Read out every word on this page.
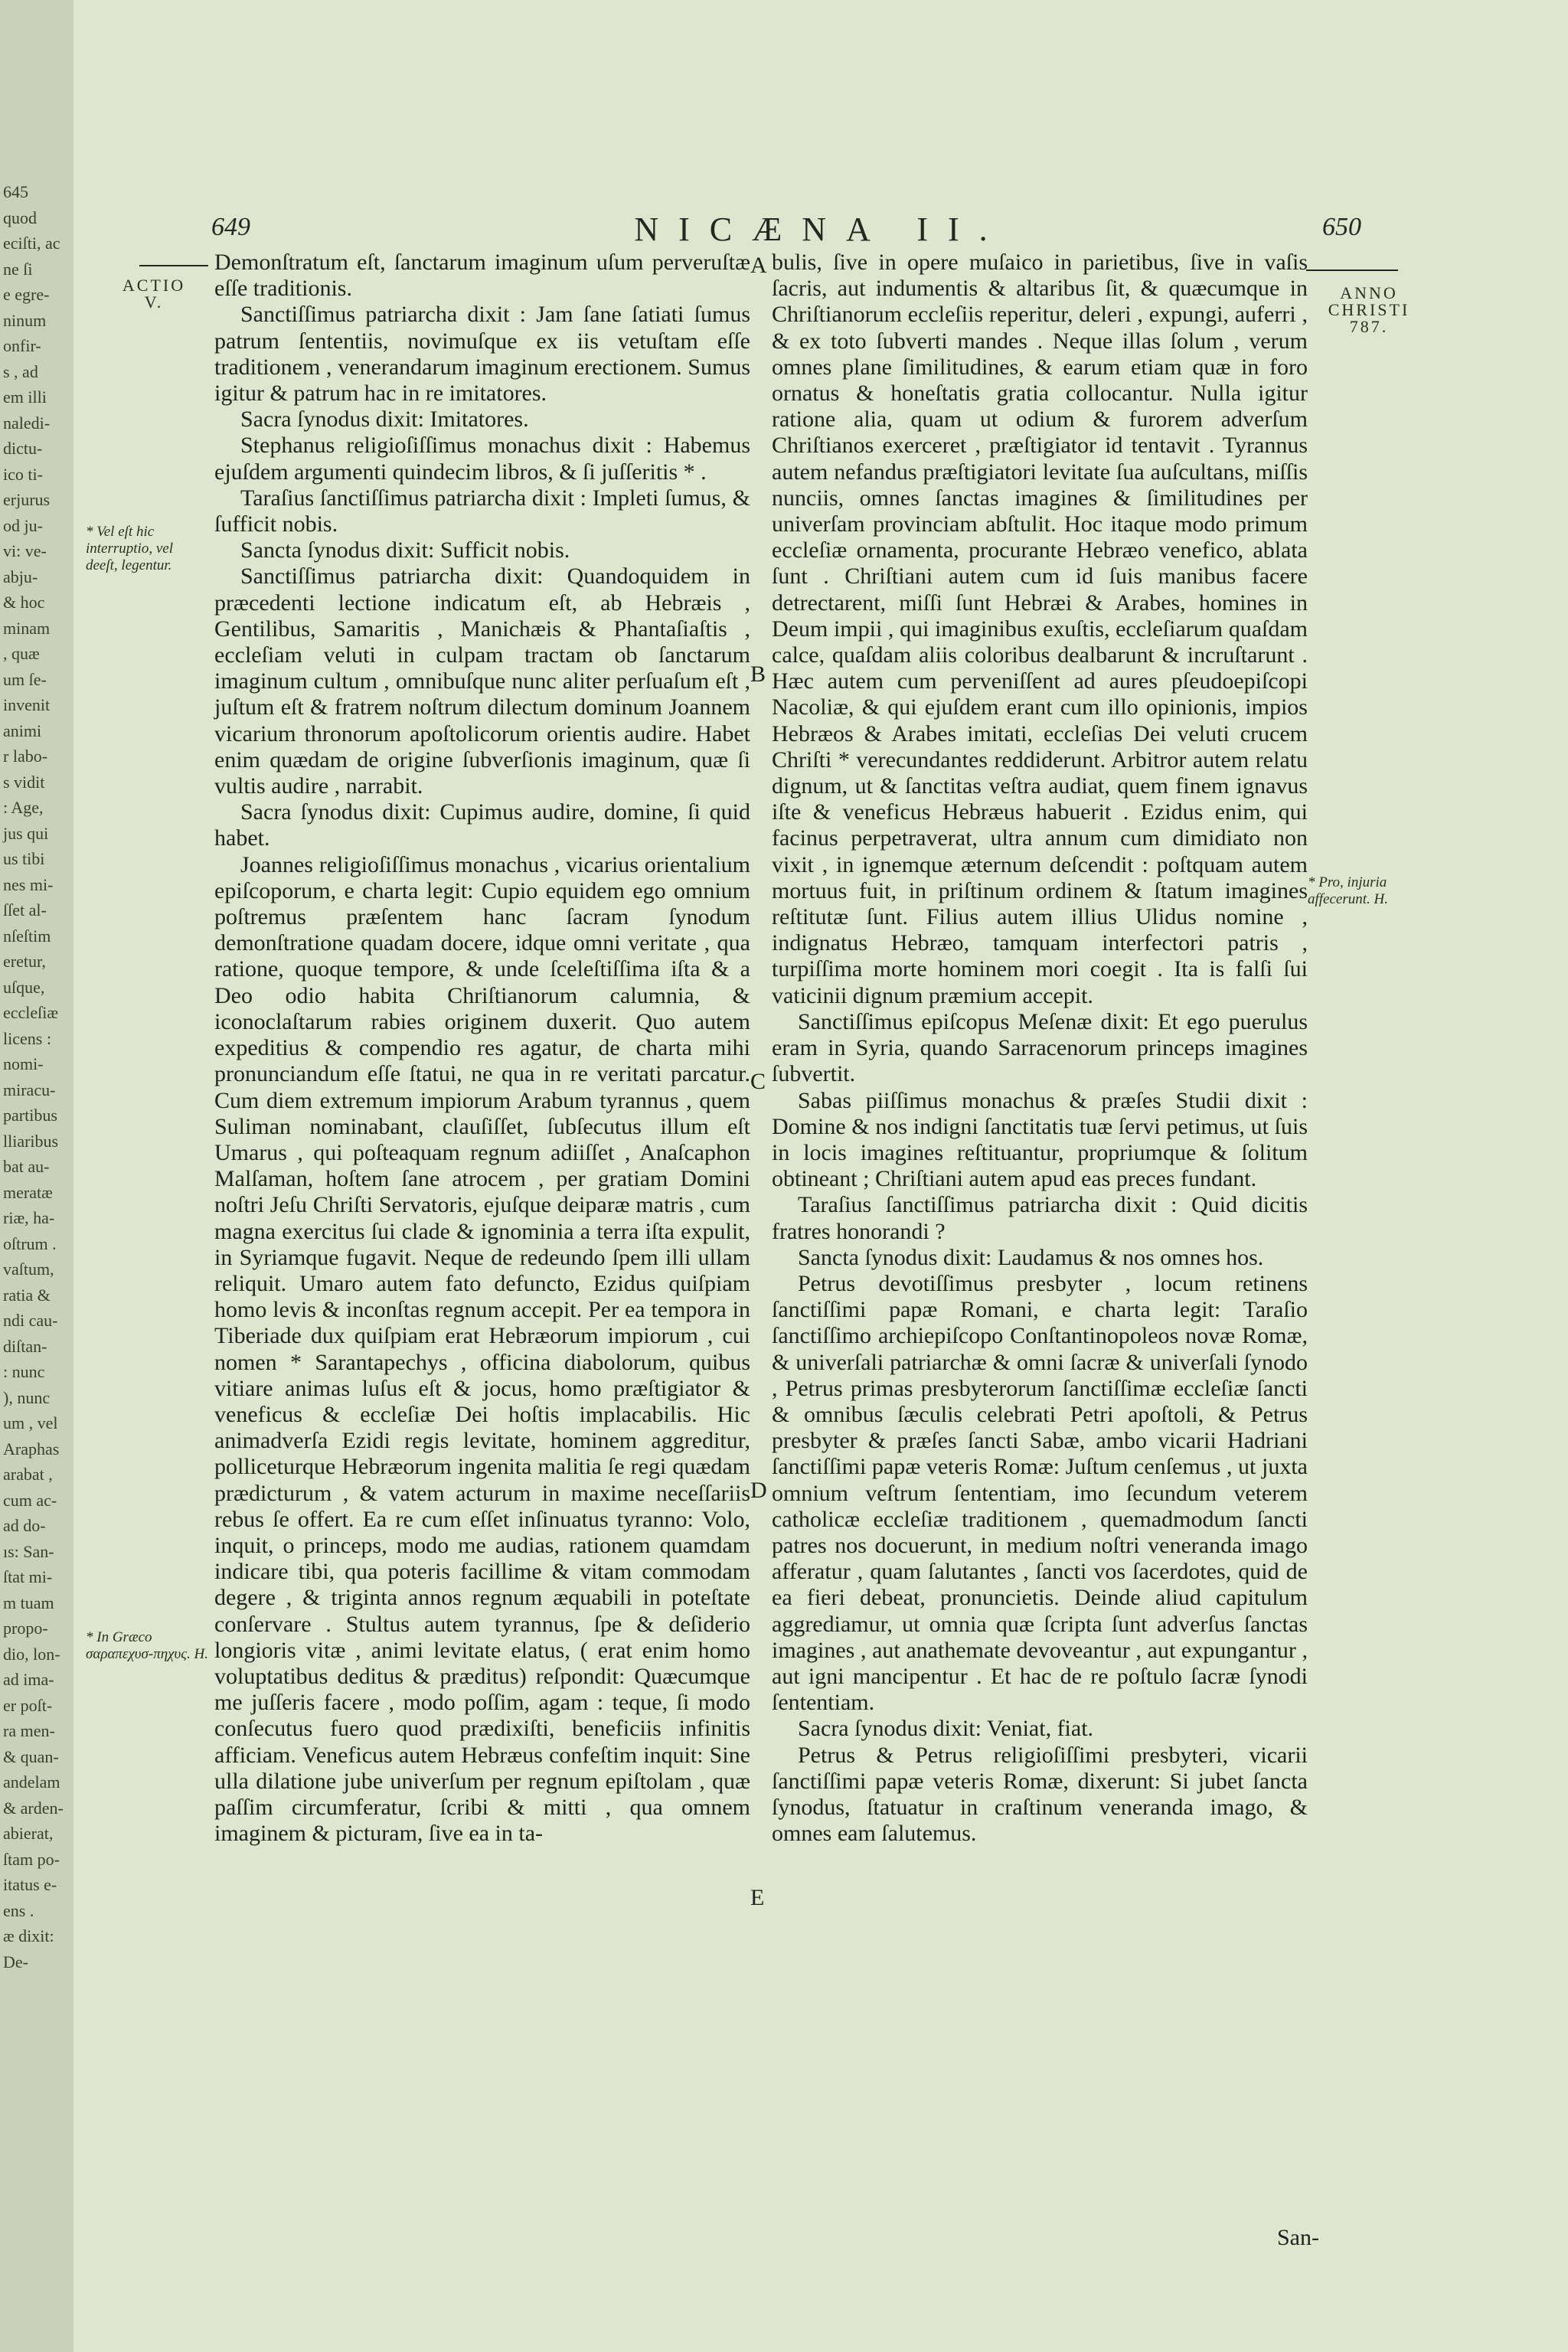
645
quod
eciſti, ac
ne ſi
e egre-
ninum
onfir-
s , ad
em illi
naledi-
dictu-
ico ti-
erjurus
od ju-
vi: ve-
abju-
& hoc
minam
, quæ
um ſe-
invenit
animi
r labo-
s vidit
: Age,
jus qui
us tibi
nes mi-
ſſet al-
nſeſtim
eretur,
uſque,
eccleſiæ
licens :
nomi-
miracu-
partibus
lliaribus
bat au-
meratæ
riæ, ha-
oſtrum .
vaſtum,
ratia &
ndi cau-
diſtan-
: nunc
), nunc
um , vel
Araphas
arabat ,
cum ac-
ad do-
ıs: San-
ſtat mi-
m tuam
propo-
dio, lon-
ad ima-
er poſt-
ra men-
& quan-
andelam
& arden-
abierat,
ſtam po-
itatus e-
ens .
æ dixit:
De-
649	NICÆNA II.	650
ACTIO
V.
* Vel eſt hic interruptio, vel deeſt, legentur.
* In Græco σαραπεχυσ-πηχυς. H.
ANNO
CHRISTI
787.
* Pro, injuria affecerunt. H.
A
B
C
D
E

Demonſtratum eſt, ſanctarum imaginum uſum perveruſtæ eſſe traditionis.

Sanctiſſimus patriarcha dixit : Jam ſane ſatiati ſumus patrum ſententiis, novimuſque ex iis vetuſtam eſſe traditionem , venerandarum imaginum erectionem. Sumus igitur & patrum hac in re imitatores.

Sacra ſynodus dixit: Imitatores.

Stephanus religioſiſſimus monachus dixit : Habemus ejuſdem argumenti quindecim libros, & ſi juſſeritis * .

Taraſius ſanctiſſimus patriarcha dixit : Impleti ſumus, & ſufficit nobis.

Sancta ſynodus dixit: Sufficit nobis.

Sanctiſſimus patriarcha dixit: Quandoquidem in præcedenti lectione indicatum eſt, ab Hebræis , Gentilibus, Samaritis , Manichæis & Phantaſiaſtis , eccleſiam veluti in culpam tractam ob ſanctarum imaginum cultum , omnibuſque nunc aliter perſuaſum eſt , juſtum eſt & fratrem noſtrum dilectum dominum Joannem vicarium thronorum apoſtolicorum orientis audire. Habet enim quædam de origine ſubverſionis imaginum, quæ ſi vultis audire , narrabit.

Sacra ſynodus dixit: Cupimus audire, domine, ſi quid habet.

Joannes religioſiſſimus monachus , vicarius orientalium epiſcoporum, e charta legit: Cupio equidem ego omnium poſtremus præſentem hanc ſacram ſynodum demonſtratione quadam docere, idque omni veritate , qua ratione, quoque tempore, & unde ſceleſtiſſima iſta & a Deo odio habita Chriſtianorum calumnia, & iconoclaſtarum rabies originem duxerit. Quo autem expeditius & compendio res agatur, de charta mihi pronunciandum eſſe ſtatui, ne qua in re veritati parcatur. Cum diem extremum impiorum Arabum tyrannus , quem Suliman nominabant, clauſiſſet, ſubſecutus illum eſt Umarus , qui poſteaquam regnum adiiſſet , Anaſcaphon Malſaman, hoſtem ſane atrocem , per gratiam Domini noſtri Jeſu Chriſti Servatoris, ejuſque deiparæ matris , cum magna exercitus ſui clade & ignominia a terra iſta expulit, in Syriamque fugavit. Neque de redeundo ſpem illi ullam reliquit. Umaro autem fato defuncto, Ezidus quiſpiam homo levis & inconſtas regnum accepit. Per ea tempora in Tiberiade dux quiſpiam erat Hebræorum impiorum , cui nomen * Sarantapechys , officina diabolorum, quibus vitiare animas luſus eſt & jocus, homo præſtigiator & veneficus & eccleſiæ Dei hoſtis implacabilis. Hic animadverſa Ezidi regis levitate, hominem aggreditur, polliceturque Hebræorum ingenita malitia ſe regi quædam prædicturum , & vatem acturum in maxime neceſſariis rebus ſe offert. Ea re cum eſſet inſinuatus tyranno: Volo, inquit, o princeps, modo me audias, rationem quamdam indicare tibi, qua poteris facillime & vitam commodam degere , & triginta annos regnum æquabili in poteſtate conſervare . Stultus autem tyrannus, ſpe & deſiderio longioris vitæ , animi levitate elatus, ( erat enim homo voluptatibus deditus & præditus) reſpondit: Quæcumque me juſſeris facere , modo poſſim, agam : teque, ſi modo conſecutus fuero quod prædixiſti, beneficiis infinitis afficiam. Veneficus autem Hebræus confeſtim inquit: Sine ulla dilatione jube univerſum per regnum epiſtolam , quæ paſſim circumferatur, ſcribi & mitti , qua omnem imaginem & picturam, ſive ea in ta-

bulis, ſive in opere muſaico in parietibus, ſive in vaſis ſacris, aut indumentis & altaribus ſit, & quæcumque in Chriſtianorum eccleſiis reperitur, deleri , expungi, auferri , & ex toto ſubverti mandes . Neque illas ſolum , verum omnes plane ſimilitudines, & earum etiam quæ in foro ornatus & honeſtatis gratia collocantur. Nulla igitur ratione alia, quam ut odium & furorem adverſum Chriſtianos exerceret , præſtigiator id tentavit . Tyrannus autem nefandus præſtigiatori levitate ſua auſcultans, miſſis nunciis, omnes ſanctas imagines & ſimilitudines per univerſam provinciam abſtulit. Hoc itaque modo primum eccleſiæ ornamenta, procurante Hebræo venefico, ablata ſunt . Chriſtiani autem cum id ſuis manibus facere detrectarent, miſſi ſunt Hebræi & Arabes, homines in Deum impii , qui imaginibus exuſtis, eccleſiarum quaſdam calce, quaſdam aliis coloribus dealbarunt & incruſtarunt . Hæc autem cum perveniſſent ad aures pſeudoepiſcopi Nacoliæ, & qui ejuſdem erant cum illo opinionis, impios Hebræos & Arabes imitati, eccleſias Dei veluti crucem Chriſti * verecundantes reddiderunt. Arbitror autem relatu dignum, ut & ſanctitas veſtra audiat, quem finem ignavus iſte & veneficus Hebræus habuerit . Ezidus enim, qui facinus perpetraverat, ultra annum cum dimidiato non vixit , in ignemque æternum deſcendit : poſtquam autem mortuus fuit, in priſtinum ordinem & ſtatum imagines reſtitutæ ſunt. Filius autem illius Ulidus nomine , indignatus Hebræo, tamquam interfectori patris , turpiſſima morte hominem mori coegit . Ita is falſi ſui vaticinii dignum præmium accepit.

Sanctiſſimus epiſcopus Meſenæ dixit: Et ego puerulus eram in Syria, quando Sarracenorum princeps imagines ſubvertit.

Sabas piiſſimus monachus & præſes Studii dixit : Domine & nos indigni ſanctitatis tuæ ſervi petimus, ut ſuis in locis imagines reſtituantur, propriumque & ſolitum obtineant ; Chriſtiani autem apud eas preces fundant.

Taraſius ſanctiſſimus patriarcha dixit : Quid dicitis fratres honorandi ?

Sancta ſynodus dixit: Laudamus & nos omnes hos.

Petrus devotiſſimus presbyter , locum retinens ſanctiſſimi papæ Romani, e charta legit: Taraſio ſanctiſſimo archiepiſcopo Conſtantinopoleos novæ Romæ, & univerſali patriarchæ & omni ſacræ & univerſali ſynodo , Petrus primas presbyterorum ſanctiſſimæ eccleſiæ ſancti & omnibus ſæculis celebrati Petri apoſtoli, & Petrus presbyter & præſes ſancti Sabæ, ambo vicarii Hadriani ſanctiſſimi papæ veteris Romæ: Juſtum cenſemus , ut juxta omnium veſtrum ſententiam, imo ſecundum veterem catholicæ eccleſiæ traditionem , quemadmodum ſancti patres nos docuerunt, in medium noſtri veneranda imago afferatur , quam ſalutantes , ſancti vos ſacerdotes, quid de ea fieri debeat, pronuncietis. Deinde aliud capitulum aggrediamur, ut omnia quæ ſcripta ſunt adverſus ſanctas imagines , aut anathemate devoveantur , aut expungantur , aut igni mancipentur . Et hac de re poſtulo ſacræ ſynodi ſententiam.

Sacra ſynodus dixit: Veniat, fiat.

Petrus & Petrus religioſiſſimi presbyteri, vicarii ſanctiſſimi papæ veteris Romæ, dixerunt: Si jubet ſancta ſynodus, ſtatuatur in craſtinum veneranda imago, & omnes eam ſalutemus.

San-
